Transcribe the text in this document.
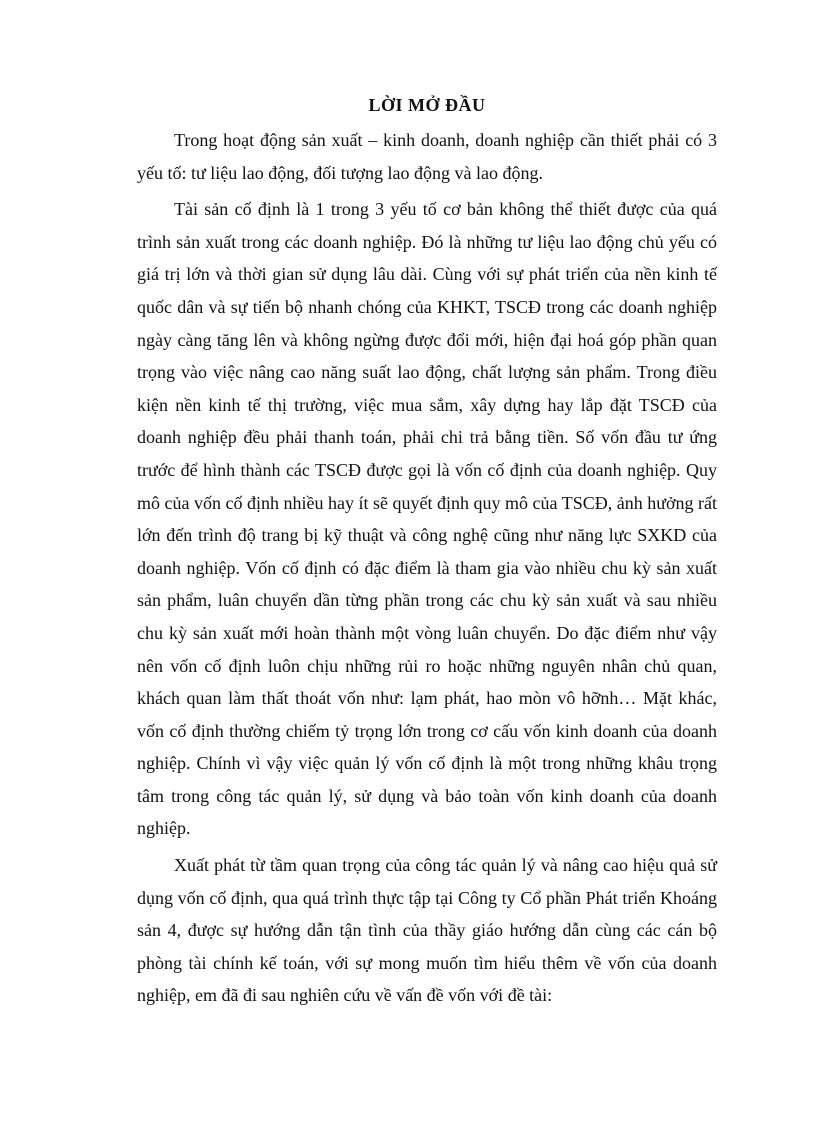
LỜI MỞ ĐẦU

Trong hoạt động sản xuất – kinh doanh, doanh nghiệp cần thiết phải có 3 yếu tố: tư liệu lao động, đối tượng lao động và lao động.

Tài sản cố định là 1 trong 3 yếu tố cơ bản không thể thiết được của quá trình sản xuất trong các doanh nghiệp. Đó là những tư liệu lao động chủ yếu có giá trị lớn và thời gian sử dụng lâu dài. Cùng với sự phát triển của nền kinh tế quốc dân và sự tiến bộ nhanh chóng của KHKT, TSCĐ trong các doanh nghiệp ngày càng tăng lên và không ngừng được đổi mới, hiện đại hoá góp phần quan trọng vào việc nâng cao năng suất lao động, chất lượng sản phẩm. Trong điều kiện nền kinh tế thị trường, việc mua sắm, xây dựng hay lắp đặt TSCĐ của doanh nghiệp đều phải thanh toán, phải chi trả bằng tiền. Số vốn đầu tư ứng trước để hình thành các TSCĐ được gọi là vốn cố định của doanh nghiệp. Quy mô của vốn cố định nhiều hay ít sẽ quyết định quy mô của TSCĐ, ảnh hưởng rất lớn đến trình độ trang bị kỹ thuật và công nghệ cũng như năng lực SXKD của doanh nghiệp. Vốn cố định có đặc điểm là tham gia vào nhiều chu kỳ sản xuất sản phẩm, luân chuyển dần từng phần trong các chu kỳ sản xuất và sau nhiều chu kỳ sản xuất mới hoàn thành một vòng luân chuyển. Do đặc điểm như vậy nên vốn cố định luôn chịu những rủi ro hoặc những nguyên nhân chủ quan, khách quan làm thất thoát vốn như: lạm phát, hao mòn vô hỡnh… Mặt khác, vốn cố định thường chiếm tỷ trọng lớn trong cơ cấu vốn kinh doanh của doanh nghiệp. Chính vì vậy việc quản lý vốn cố định là một trong những khâu trọng tâm trong công tác quản lý, sử dụng và bảo toàn vốn kinh doanh của doanh nghiệp.

Xuất phát từ tầm quan trọng của công tác quản lý và nâng cao hiệu quả sử dụng vốn cố định, qua quá trình thực tập tại Công ty Cổ phần Phát triển Khoáng sản 4, được sự hướng dẫn tận tình của thầy giáo hướng dẫn cùng các cán bộ phòng tài chính kế toán, với sự mong muốn tìm hiểu thêm về vốn của doanh nghiệp, em đã đi sau nghiên cứu về vấn đề vốn với đề tài:
